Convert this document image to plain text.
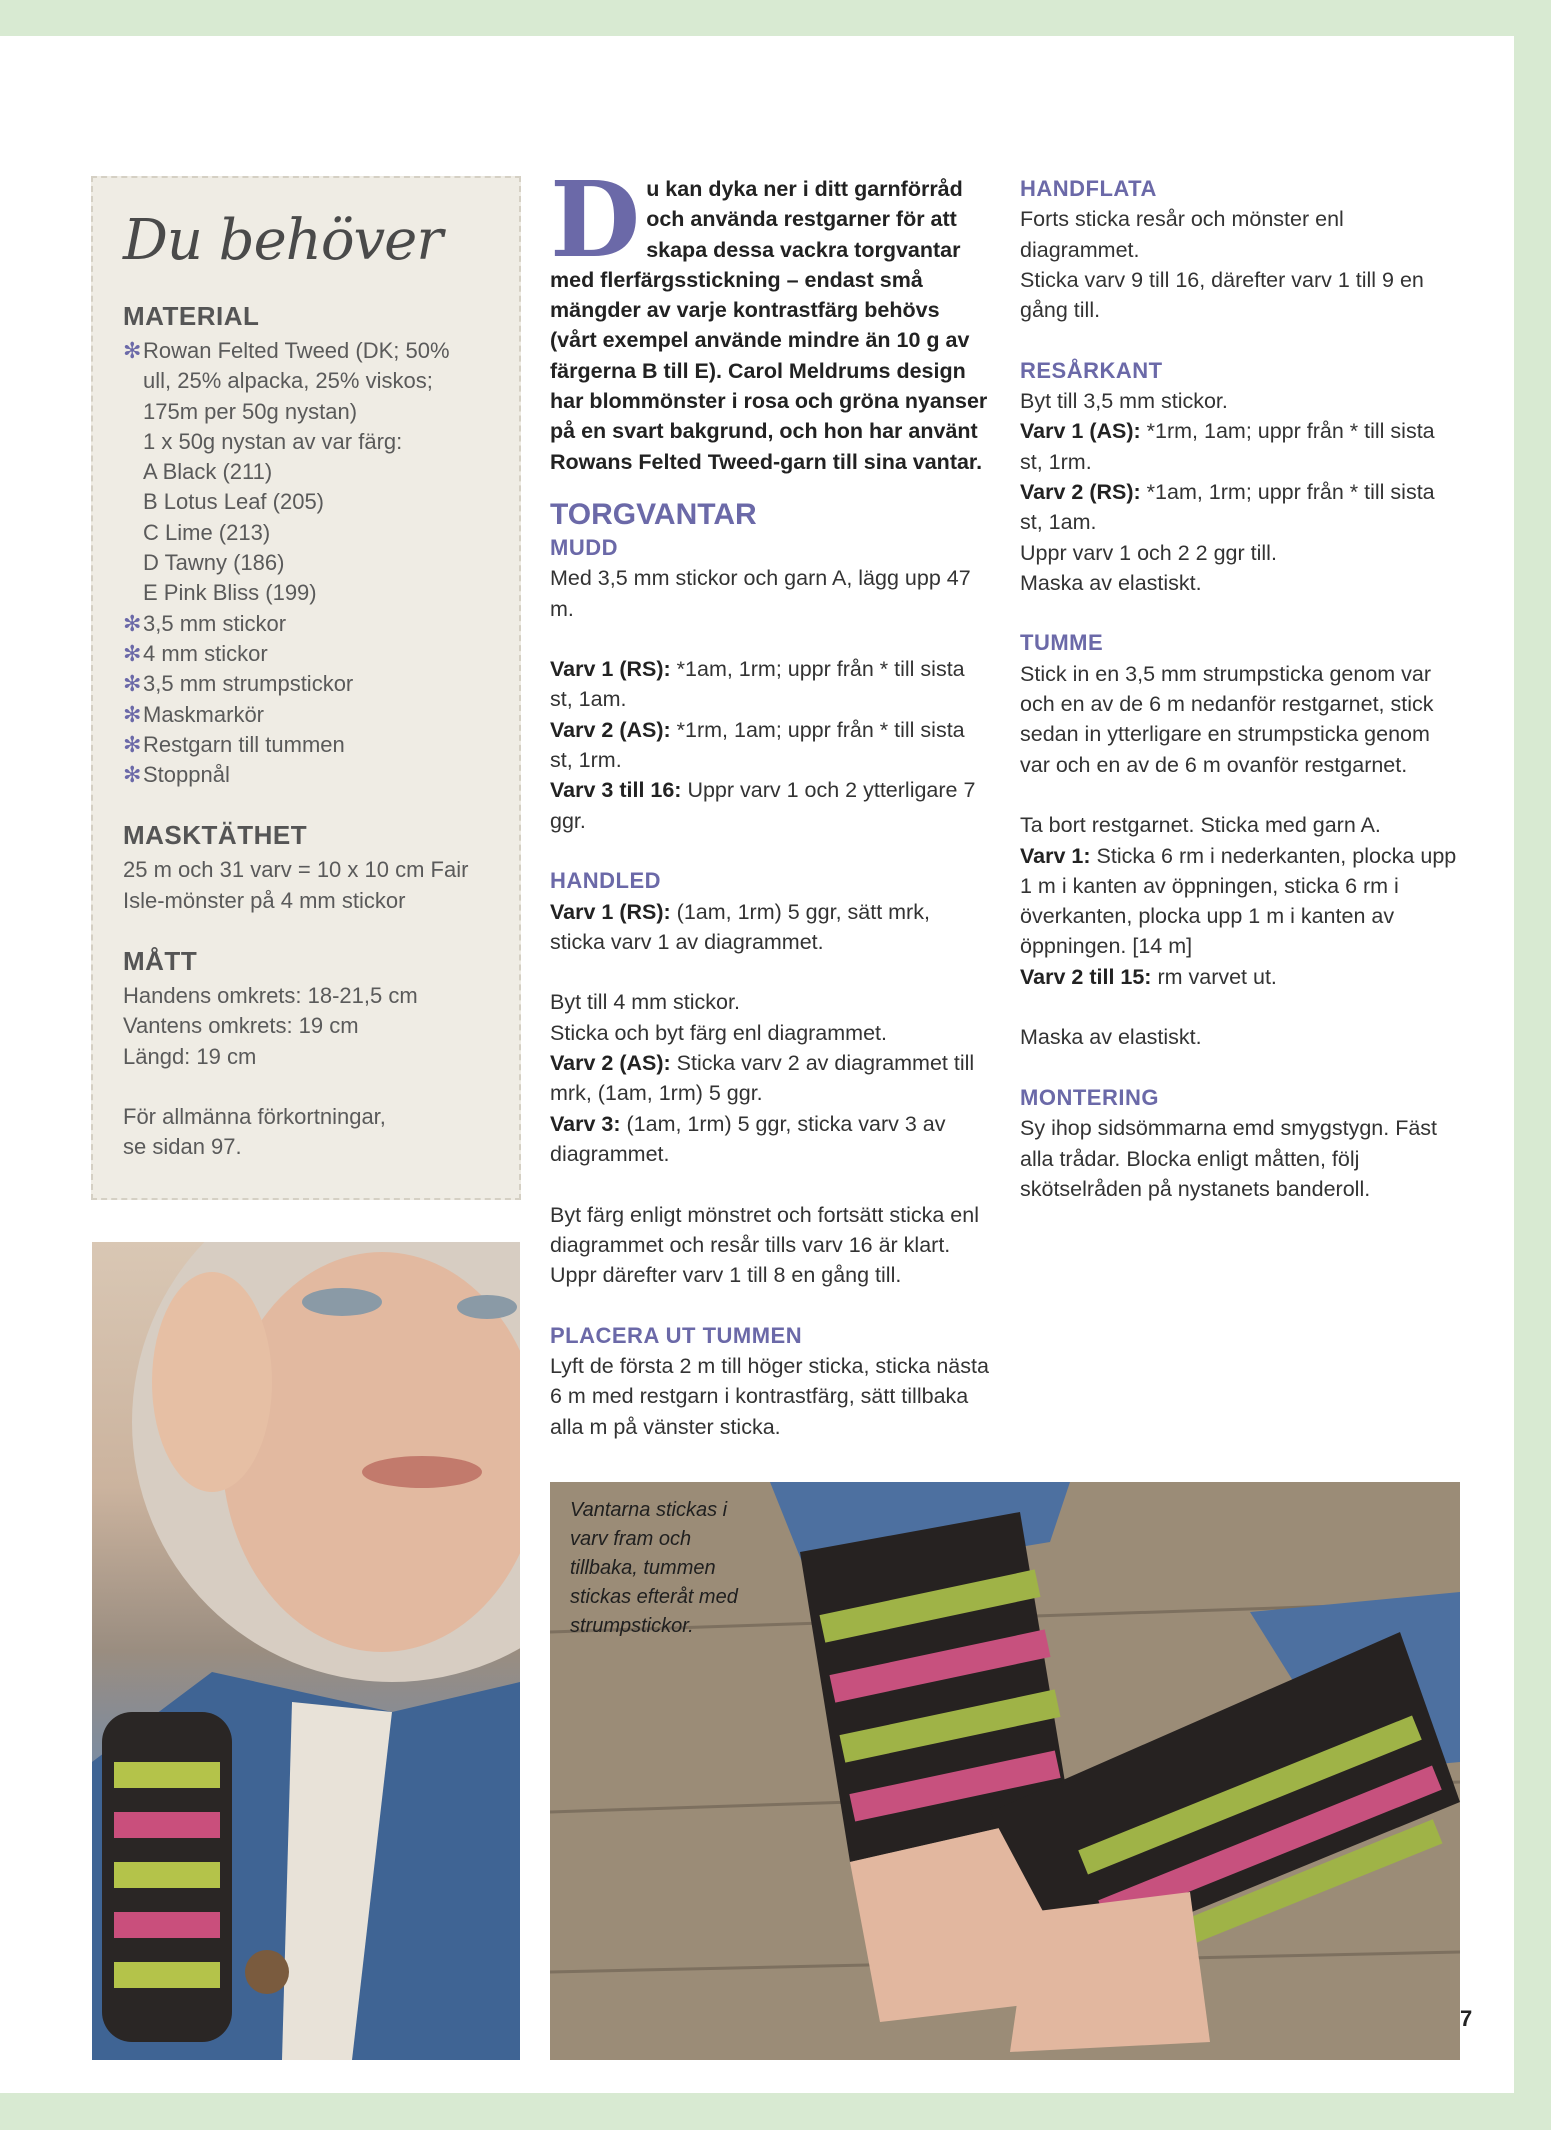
Du behöver
MATERIAL
✻ Rowan Felted Tweed (DK; 50%
ull, 25% alpacka, 25% viskos;
175m per 50g nystan)
1 x 50g nystan av var färg:
A Black (211)
B Lotus Leaf (205)
C Lime (213)
D Tawny (186)
E Pink Bliss (199)
✻ 3,5 mm stickor
✻ 4 mm stickor
✻ 3,5 mm strumpstickor
✻ Maskmarkör
✻ Restgarn till tummen
✻ Stoppnål
MASKTÄTHET
25 m och 31 varv = 10 x 10 cm Fair
Isle-mönster på 4 mm stickor
MÅTT
Handens omkrets: 18-21,5 cm
Vantens omkrets: 19 cm
Längd: 19 cm
För allmänna förkortningar,
se sidan 97.
Vantarna stickas i varv fram och tillbaka, tummen stickas efteråt med strumpstickor.
Du kan dyka ner i ditt garnförråd och använda restgarner för att skapa dessa vackra torgvantar med flerfärgsstickning – endast små mängder av varje kontrastfärg behövs (vårt exempel använde mindre än 10 g av färgerna B till E). Carol Meldrums design har blommönster i rosa och gröna nyanser på en svart bakgrund, och hon har använt Rowans Felted Tweed-garn till sina vantar.
TORGVANTAR
MUDD

Med 3,5 mm stickor och garn A, lägg upp 47 m.

Varv 1 (RS): *1am, 1rm; uppr från * till sista st, 1am.

Varv 2 (AS): *1rm, 1am; uppr från * till sista st, 1rm.

Varv 3 till 16: Uppr varv 1 och 2 ytterligare 7 ggr.

HANDLED

Varv 1 (RS): (1am, 1rm) 5 ggr, sätt mrk, sticka varv 1 av diagrammet.

Byt till 4 mm stickor.
Sticka och byt färg enl diagrammet.

Varv 2 (AS): Sticka varv 2 av diagrammet till mrk, (1am, 1rm) 5 ggr.

Varv 3: (1am, 1rm) 5 ggr, sticka varv 3 av diagrammet.

Byt färg enligt mönstret och fortsätt sticka enl diagrammet och resår tills varv 16 är klart. Uppr därefter varv 1 till 8 en gång till.

PLACERA UT TUMMEN

Lyft de första 2 m till höger sticka, sticka nästa 6 m med restgarn i kontrastfärg, sätt tillbaka alla m på vänster sticka.

HANDFLATA

Forts sticka resår och mönster enl diagrammet.

Sticka varv 9 till 16, därefter varv 1 till 9 en gång till.

RESÅRKANT

Byt till 3,5 mm stickor.

Varv 1 (AS): *1rm, 1am; uppr från * till sista st, 1rm.

Varv 2 (RS): *1am, 1rm; uppr från * till sista st, 1am.

Uppr varv 1 och 2 2 ggr till.

Maska av elastiskt.

TUMME

Stick in en 3,5 mm strumpsticka genom var och en av de 6 m nedanför restgarnet, stick sedan in ytterligare en strumpsticka genom var och en av de 6 m ovanför restgarnet.

Ta bort restgarnet. Sticka med garn A.

Varv 1: Sticka 6 rm i nederkanten, plocka upp 1 m i kanten av öppningen, sticka 6 rm i överkanten, plocka upp 1 m i kanten av öppningen. [14 m]

Varv 2 till 15: rm varvet ut.

Maska av elastiskt.

MONTERING

Sy ihop sidsömmarna emd smygstygn. Fäst alla trådar. Blocka enligt måtten, följ skötselråden på nystanets banderoll.

7
